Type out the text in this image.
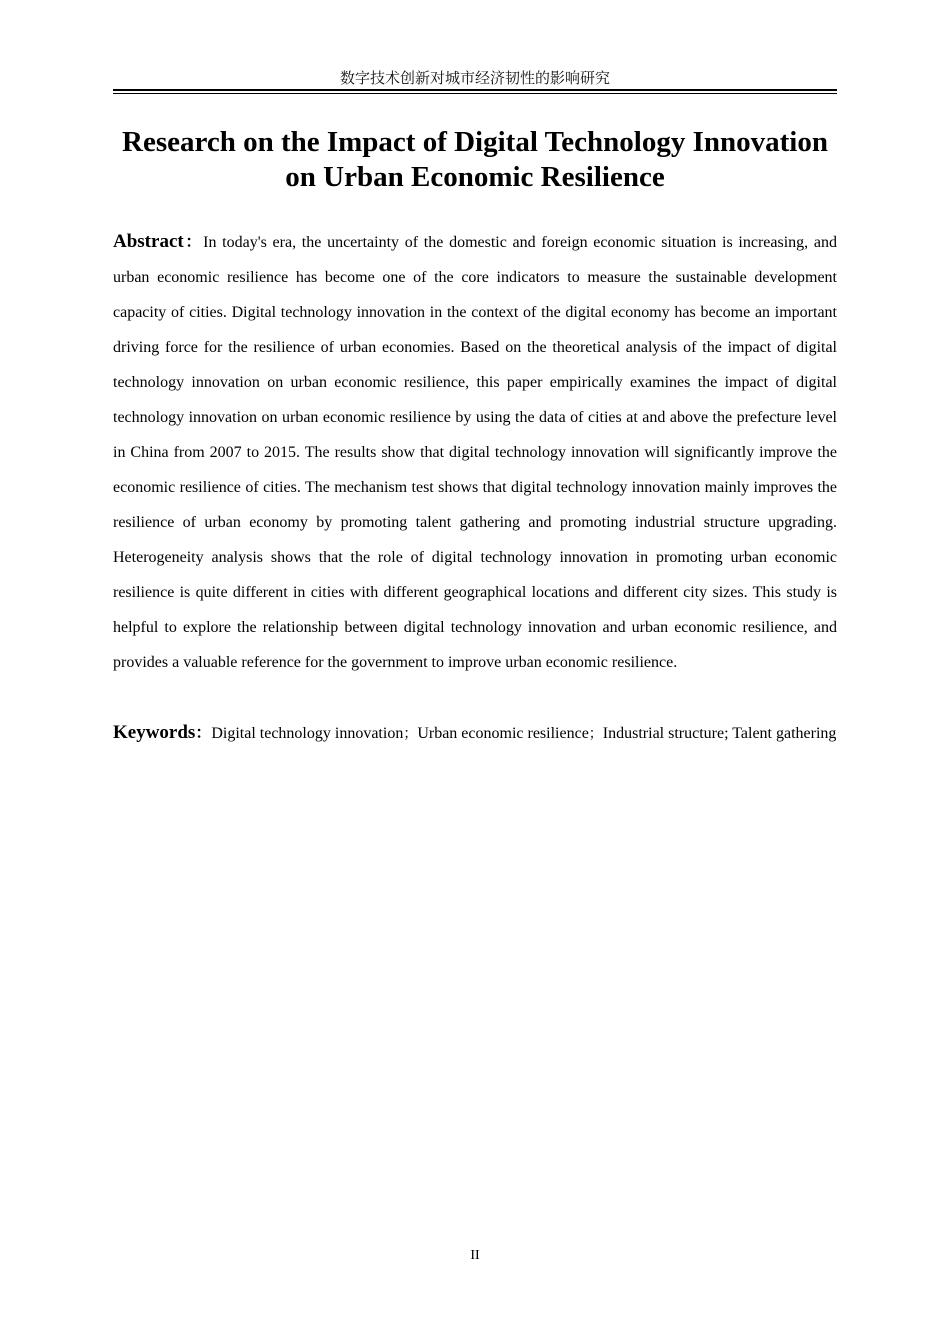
数字技术创新对城市经济韧性的影响研究
Research on the Impact of Digital Technology Innovation
on Urban Economic Resilience

Abstract：In today's era, the uncertainty of the domestic and foreign economic situation is increasing, and urban economic resilience has become one of the core indicators to measure the sustainable development capacity of cities. Digital technology innovation in the context of the digital economy has become an important driving force for the resilience of urban economies. Based on the theoretical analysis of the impact of digital technology innovation on urban economic resilience, this paper empirically examines the impact of digital technology innovation on urban economic resilience by using the data of cities at and above the prefecture level in China from 2007 to 2015. The results show that digital technology innovation will significantly improve the economic resilience of cities. The mechanism test shows that digital technology innovation mainly improves the resilience of urban economy by promoting talent gathering and promoting industrial structure upgrading. Heterogeneity analysis shows that the role of digital technology innovation in promoting urban economic resilience is quite different in cities with different geographical locations and different city sizes. This study is helpful to explore the relationship between digital technology innovation and urban economic resilience, and provides a valuable reference for the government to improve urban economic resilience.

Keywords：Digital technology innovation；Urban economic resilience；Industrial structure; Talent gathering

II
